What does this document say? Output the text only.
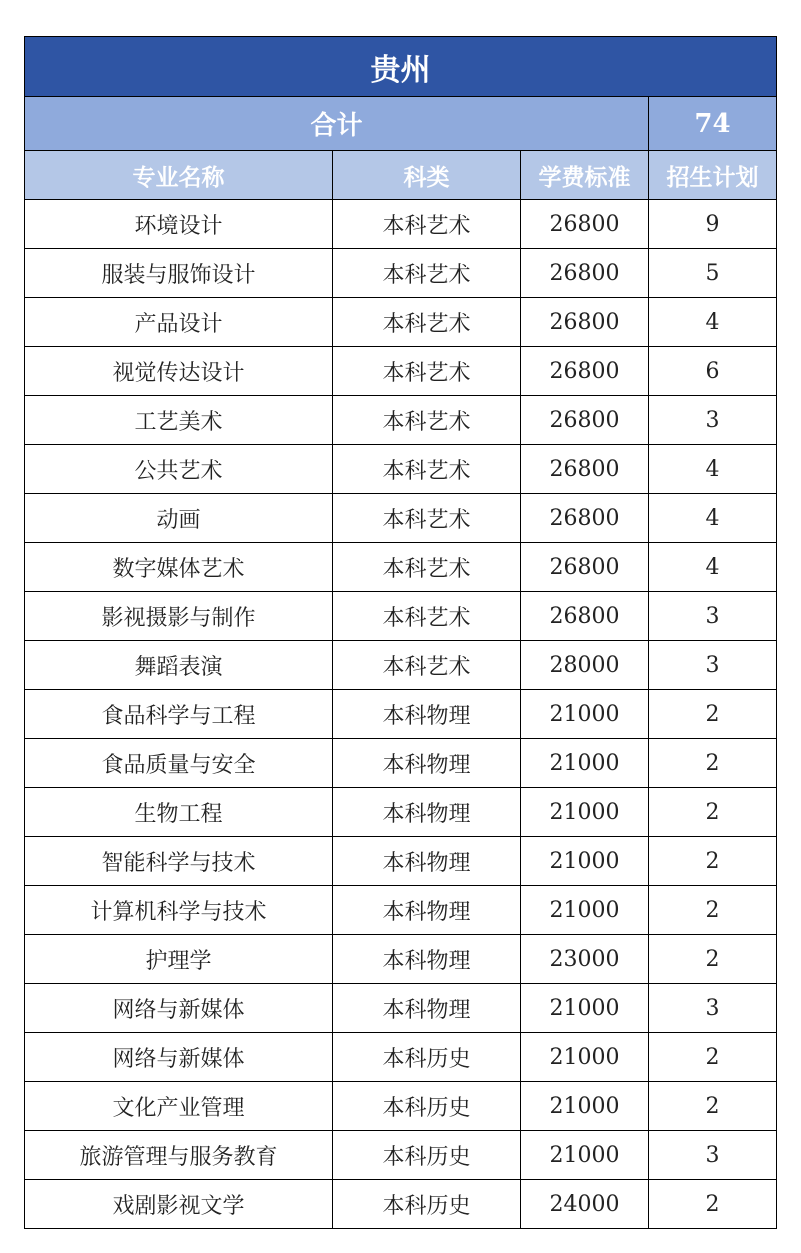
贵州			
合计			74
专业名称	科类	学费标准	招生计划
环境设计	本科艺术	26800	9
服装与服饰设计	本科艺术	26800	5
产品设计	本科艺术	26800	4
视觉传达设计	本科艺术	26800	6
工艺美术	本科艺术	26800	3
公共艺术	本科艺术	26800	4
动画	本科艺术	26800	4
数字媒体艺术	本科艺术	26800	4
影视摄影与制作	本科艺术	26800	3
舞蹈表演	本科艺术	28000	3
食品科学与工程	本科物理	21000	2
食品质量与安全	本科物理	21000	2
生物工程	本科物理	21000	2
智能科学与技术	本科物理	21000	2
计算机科学与技术	本科物理	21000	2
护理学	本科物理	23000	2
网络与新媒体	本科物理	21000	3
网络与新媒体	本科历史	21000	2
文化产业管理	本科历史	21000	2
旅游管理与服务教育	本科历史	21000	3
戏剧影视文学	本科历史	24000	2
